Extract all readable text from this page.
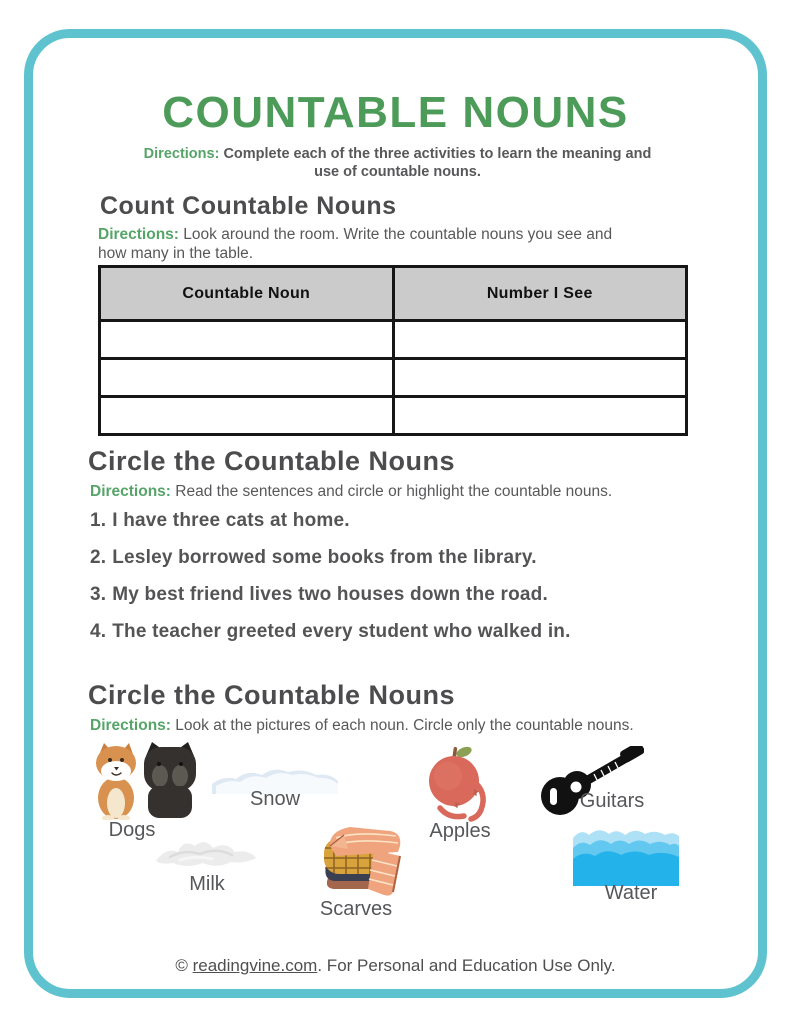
COUNTABLE NOUNS
Directions: Complete each of the three activities to learn the meaning and use of countable nouns.
Count Countable Nouns
Directions: Look around the room. Write the countable nouns you see and how many in the table.
Countable Noun	Number I See

Circle the Countable Nouns
Directions: Read the sentences and circle or highlight the countable nouns.
1. I have three cats at home.
2. Lesley borrowed some books from the library.
3. My best friend lives two houses down the road.
4. The teacher greeted every student who walked in.
Circle the Countable Nouns
Directions: Look at the pictures of each noun. Circle only the countable nouns.
Dogs
Snow
Apples
Guitars
Milk
Scarves
Water
© readingvine.com. For Personal and Education Use Only.
